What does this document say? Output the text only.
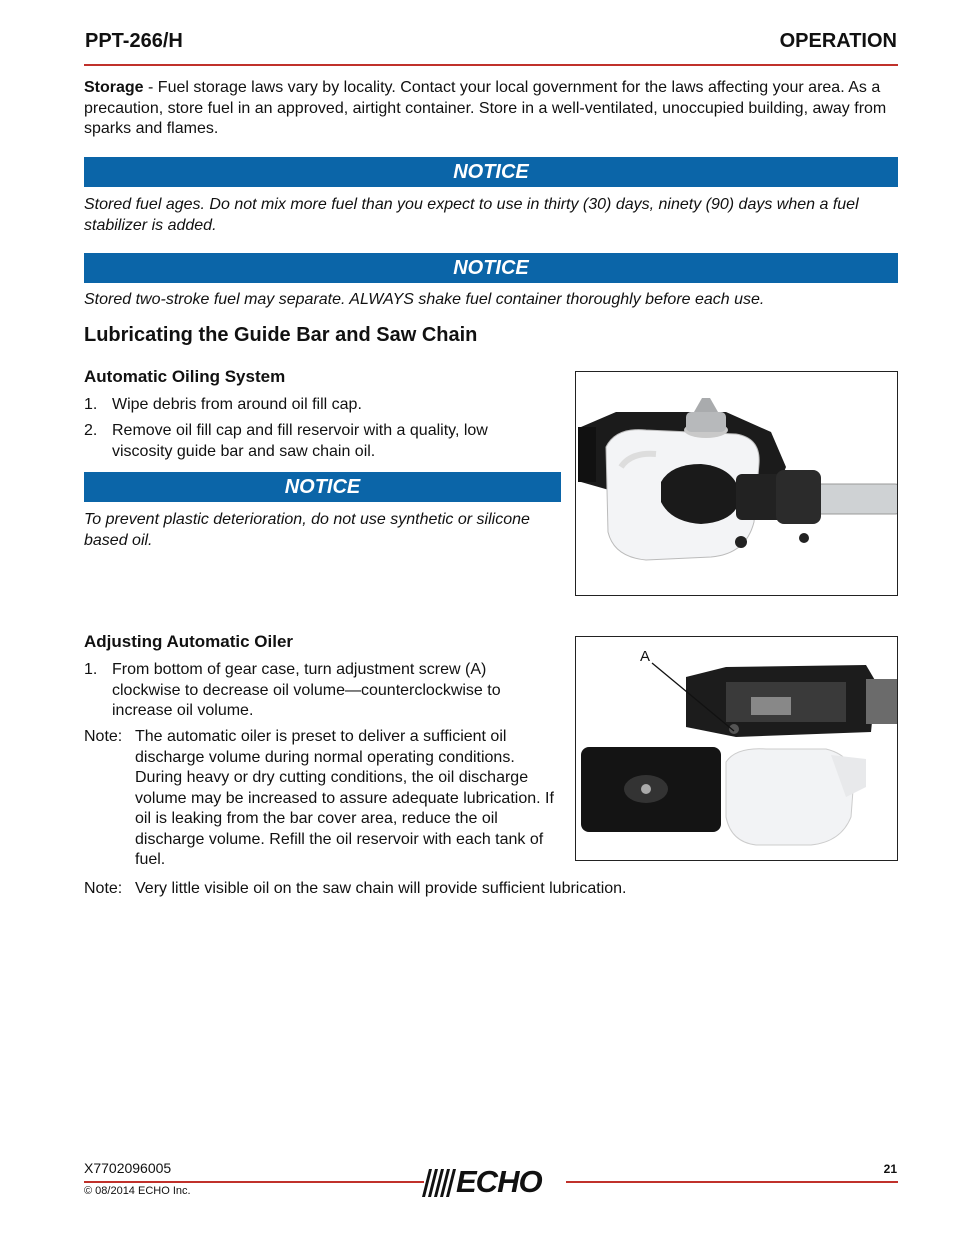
PPT-266/H	OPERATION
Storage - Fuel storage laws vary by locality. Contact your local government for the laws affecting your area. As a precaution, store fuel in an approved, airtight container. Store in a well-ventilated, unoccupied building, away from sparks and flames.
NOTICE
Stored fuel ages. Do not mix more fuel than you expect to use in thirty (30) days, ninety (90) days when a fuel stabilizer is added.
NOTICE
Stored two-stroke fuel may separate. ALWAYS shake fuel container thoroughly before each use.
Lubricating the Guide Bar and Saw Chain
Automatic Oiling System
1. Wipe debris from around oil fill cap.
2. Remove oil fill cap and fill reservoir with a quality, low viscosity guide bar and saw chain oil.
NOTICE
To prevent plastic deterioration, do not use synthetic or silicone based oil.
Adjusting Automatic Oiler
1. From bottom of gear case, turn adjustment screw (A) clockwise to decrease oil volume—counterclockwise to increase oil volume.
Note: The automatic oiler is preset to deliver a sufficient oil discharge volume during normal operating conditions. During heavy or dry cutting conditions, the oil discharge volume may be increased to assure adequate lubrication. If oil is leaking from the bar cover area, reduce the oil discharge volume. Refill the oil reservoir with each tank of fuel.
A
Note: Very little visible oil on the saw chain will provide sufficient lubrication.
X7702096005	21
ECHO
© 08/2014 ECHO Inc.
